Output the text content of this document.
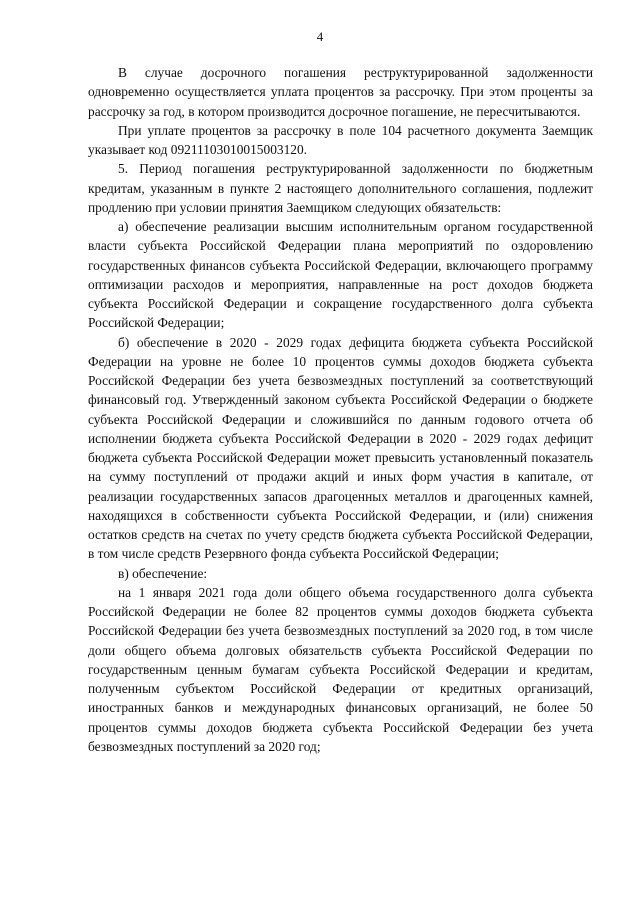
4

В случае досрочного погашения реструктурированной задолженности одновременно осуществляется уплата процентов за рассрочку. При этом проценты за рассрочку за год, в котором производится досрочное погашение, не пересчитываются.

При уплате процентов за рассрочку в поле 104 расчетного документа Заемщик указывает код 09211103010015003120.

5. Период погашения реструктурированной задолженности по бюджетным кредитам, указанным в пункте 2 настоящего дополнительного соглашения, подлежит продлению при условии принятия Заемщиком следующих обязательств:

а) обеспечение реализации высшим исполнительным органом государственной власти субъекта Российской Федерации плана мероприятий по оздоровлению государственных финансов субъекта Российской Федерации, включающего программу оптимизации расходов и мероприятия, направленные на рост доходов бюджета субъекта Российской Федерации и сокращение государственного долга субъекта Российской Федерации;

б) обеспечение в 2020 - 2029 годах дефицита бюджета субъекта Российской Федерации на уровне не более 10 процентов суммы доходов бюджета субъекта Российской Федерации без учета безвозмездных поступлений за соответствующий финансовый год. Утвержденный законом субъекта Российской Федерации о бюджете субъекта Российской Федерации и сложившийся по данным годового отчета об исполнении бюджета субъекта Российской Федерации в 2020 - 2029 годах дефицит бюджета субъекта Российской Федерации может превысить установленный показатель на сумму поступлений от продажи акций и иных форм участия в капитале, от реализации государственных запасов драгоценных металлов и драгоценных камней, находящихся в собственности субъекта Российской Федерации, и (или) снижения остатков средств на счетах по учету средств бюджета субъекта Российской Федерации, в том числе средств Резервного фонда субъекта Российской Федерации;

в) обеспечение:

на 1 января 2021 года доли общего объема государственного долга субъекта Российской Федерации не более 82 процентов суммы доходов бюджета субъекта Российской Федерации без учета безвозмездных поступлений за 2020 год, в том числе доли общего объема долговых обязательств субъекта Российской Федерации по государственным ценным бумагам субъекта Российской Федерации и кредитам, полученным субъектом Российской Федерации от кредитных организаций, иностранных банков и международных финансовых организаций, не более 50 процентов суммы доходов бюджета субъекта Российской Федерации без учета безвозмездных поступлений за 2020 год;
